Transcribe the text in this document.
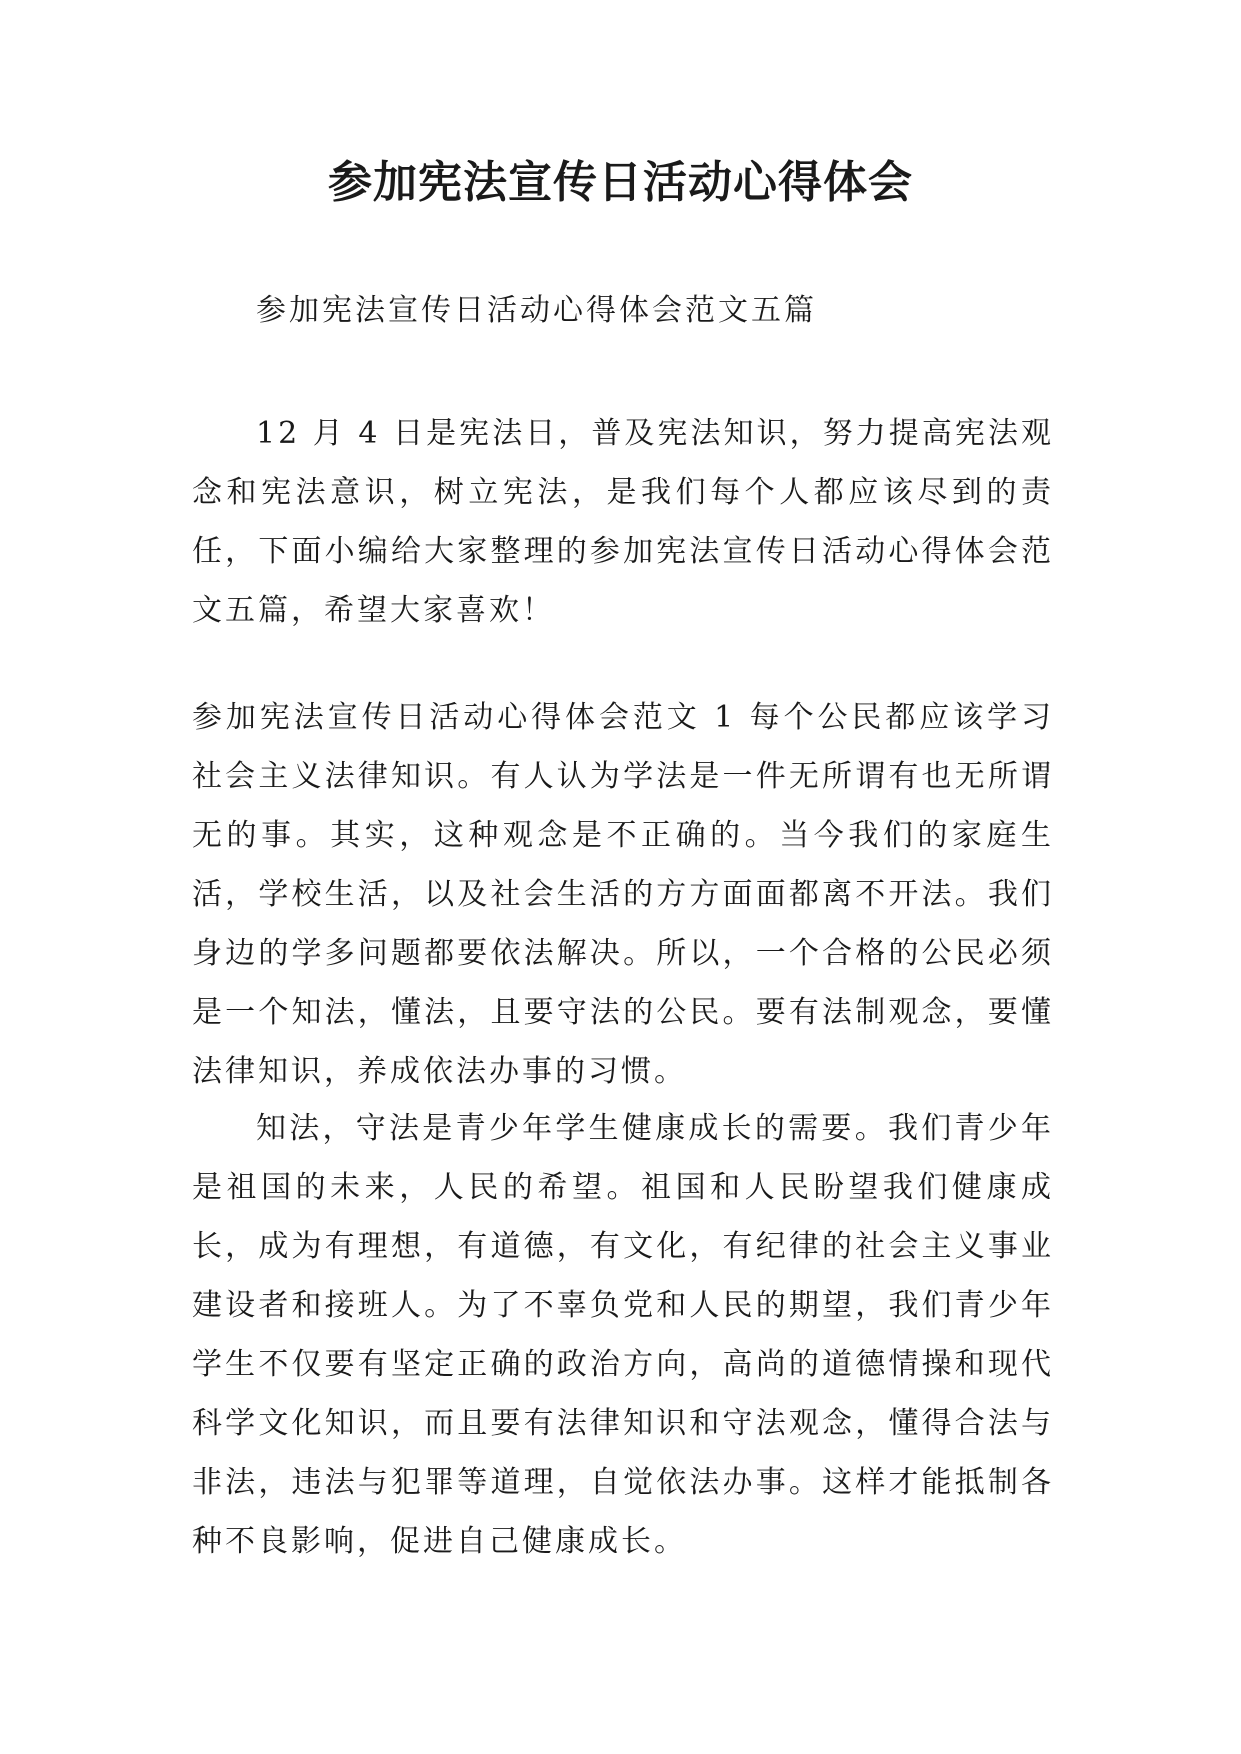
参加宪法宣传日活动心得体会

参加宪法宣传日活动心得体会范文五篇

12 月 4 日是宪法日，普及宪法知识，努力提高宪法观念和宪法意识，树立宪法，是我们每个人都应该尽到的责任，下面小编给大家整理的参加宪法宣传日活动心得体会范文五篇，希望大家喜欢！

参加宪法宣传日活动心得体会范文 1 每个公民都应该学习社会主义法律知识。有人认为学法是一件无所谓有也无所谓无的事。其实，这种观念是不正确的。当今我们的家庭生活，学校生活，以及社会生活的方方面面都离不开法。我们身边的学多问题都要依法解决。所以，一个合格的公民必须是一个知法，懂法，且要守法的公民。要有法制观念，要懂法律知识，养成依法办事的习惯。

知法，守法是青少年学生健康成长的需要。我们青少年是祖国的未来，人民的希望。祖国和人民盼望我们健康成长，成为有理想，有道德，有文化，有纪律的社会主义事业建设者和接班人。为了不辜负党和人民的期望，我们青少年学生不仅要有坚定正确的政治方向，高尚的道德情操和现代科学文化知识，而且要有法律知识和守法观念，懂得合法与非法，违法与犯罪等道理，自觉依法办事。这样才能抵制各种不良影响，促进自己健康成长。
